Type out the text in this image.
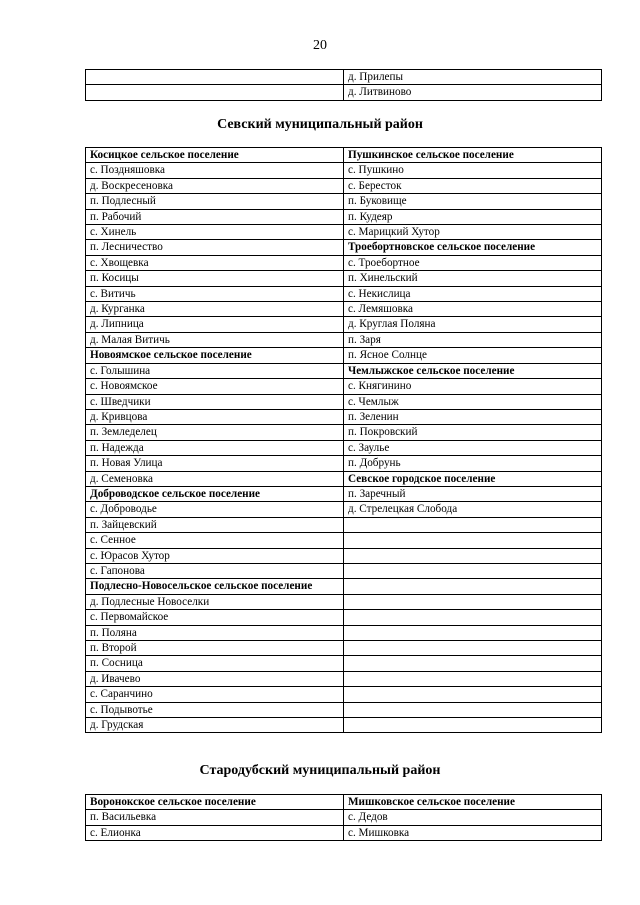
20
	д. Прилепы
	д. Литвиново
Севский муниципальный район
Косицкое сельское поселение	Пушкинское сельское поселение
с. Поздняшовка	с. Пушкино
д. Воскресеновка	с. Бересток
п. Подлесный	п. Буковище
п. Рабочий	п. Кудеяр
с. Хинель	с. Марицкий Хутор
п. Лесничество	Троебортновское сельское поселение
с. Хвощевка	с. Троебортное
п. Косицы	п. Хинельский
с. Витичь	с. Некислица
д. Курганка	с. Лемяшовка
д. Липница	д. Круглая Поляна
д. Малая Витичь	п. Заря
Новоямское сельское поселение	п. Ясное Солнце
с. Голышина	Чемлыжское сельское поселение
с. Новоямское	с. Княгинино
с. Шведчики	с. Чемлыж
д. Кривцова	п. Зеленин
п. Земледелец	п. Покровский
п. Надежда	с. Заулье
п. Новая Улица	п. Добрунь
д. Семеновка	Севское городское поселение
Доброводское сельское поселение	п. Заречный
с. Доброводье	д. Стрелецкая Слобода
п. Зайцевский	
с. Сенное	
с. Юрасов Хутор	
с. Гапонова	
Подлесно-Новосельское сельское поселение	
д. Подлесные Новоселки	
с. Первомайское	
п. Поляна	
п. Второй	
п. Сосница	
д. Ивачево	
с. Саранчино	
с. Подывотье	
д. Грудская	
Стародубский муниципальный район
Воронокское сельское поселение	Мишковское сельское поселение
п. Васильевка	с. Дедов
с. Елионка	с. Мишковка
